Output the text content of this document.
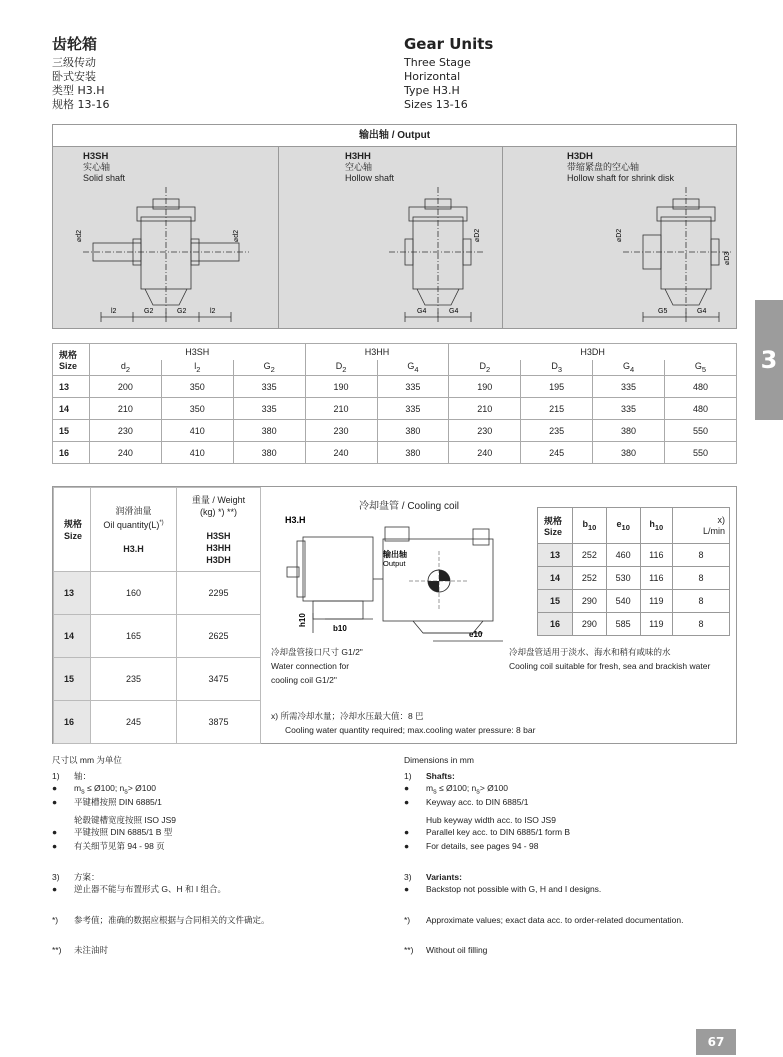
齿轮箱
三级传动
卧式安装
类型 H3.H
规格 13-16
Gear Units
Three Stage
Horizontal
Type H3.H
Sizes 13-16
3
输出轴 / Output
H3SH
实心轴
Solid shaft
⌀d2	⌀d2
l2	G2	G2	l2
H3HH
空心轴
Hollow shaft
⌀D2
G4	G4
H3DH
带缩紧盘的空心轴
Hollow shaft for shrink disk
⌀D2
⌀D3
G5	G4
规格
Size	H3SH			H3HH		H3DH			
	$d_2$	$l_2$	$G_2$	$D_2$	$G_4$	$D_2$	$D_3$	$G_4$	$G_5$
13	200	350	335	190	335	190	195	335	480
14	210	350	335	210	335	210	215	335	480
15	230	410	380	230	380	230	235	380	550
16	240	410	380	240	380	240	245	380	550
规格
Size	润滑油量
Oil quantity(L)*)

H3.H	重量 / Weight
(kg) *) **)

H3SH
H3HH
H3DH
13	160	2295
14	165	2625
15	235	3475
16	245	3875
冷却盘管 / Cooling coil
H3.H
输出轴
Output
h10
b10
e10
规格
Size	$b_{10}$	$e_{10}$	$h_{10}$	x)
L/min
13	252	460	116	8
14	252	530	116	8
15	290	540	119	8
16	290	585	119	8
冷却盘管接口尺寸 G1/2"
Water connection for
cooling coil G1/2"
冷却盘管适用于淡水、海水和稍有咸味的水
Cooling coil suitable for fresh, sea and brackish water
x) 所需冷却水量；冷却水压最大值：8 巴
Cooling water quantity required; max.cooling water pressure: 8 bar
尺寸以 mm 为单位
1)	轴：
●	$m_s$ ≤ Ø100; $n_s>$ Ø100
●	平键槽按照 DIN 6885/1
轮毂键槽宽度按照 ISO JS9
●	平键按照 DIN 6885/1 B 型
●	有关细节见第 94 - 98 页
3)	方案：
●	逆止器不能与布置形式 G、H 和 I 组合。
*)	参考值；准确的数据应根据与合同相关的文件确定。
**)	未注油时
Dimensions in mm
1)	Shafts:
●	$m_s$ ≤ Ø100; $n_s>$ Ø100
●	Keyway acc. to DIN 6885/1
Hub keyway width acc. to ISO JS9
●	Parallel key acc. to DIN 6885/1 form B
●	For details, see pages 94 - 98
3)	Variants:
●	Backstop not possible with G, H and I designs.
*)	Approximate values; exact data acc. to order-related documentation.
**)	Without oil filling
67
